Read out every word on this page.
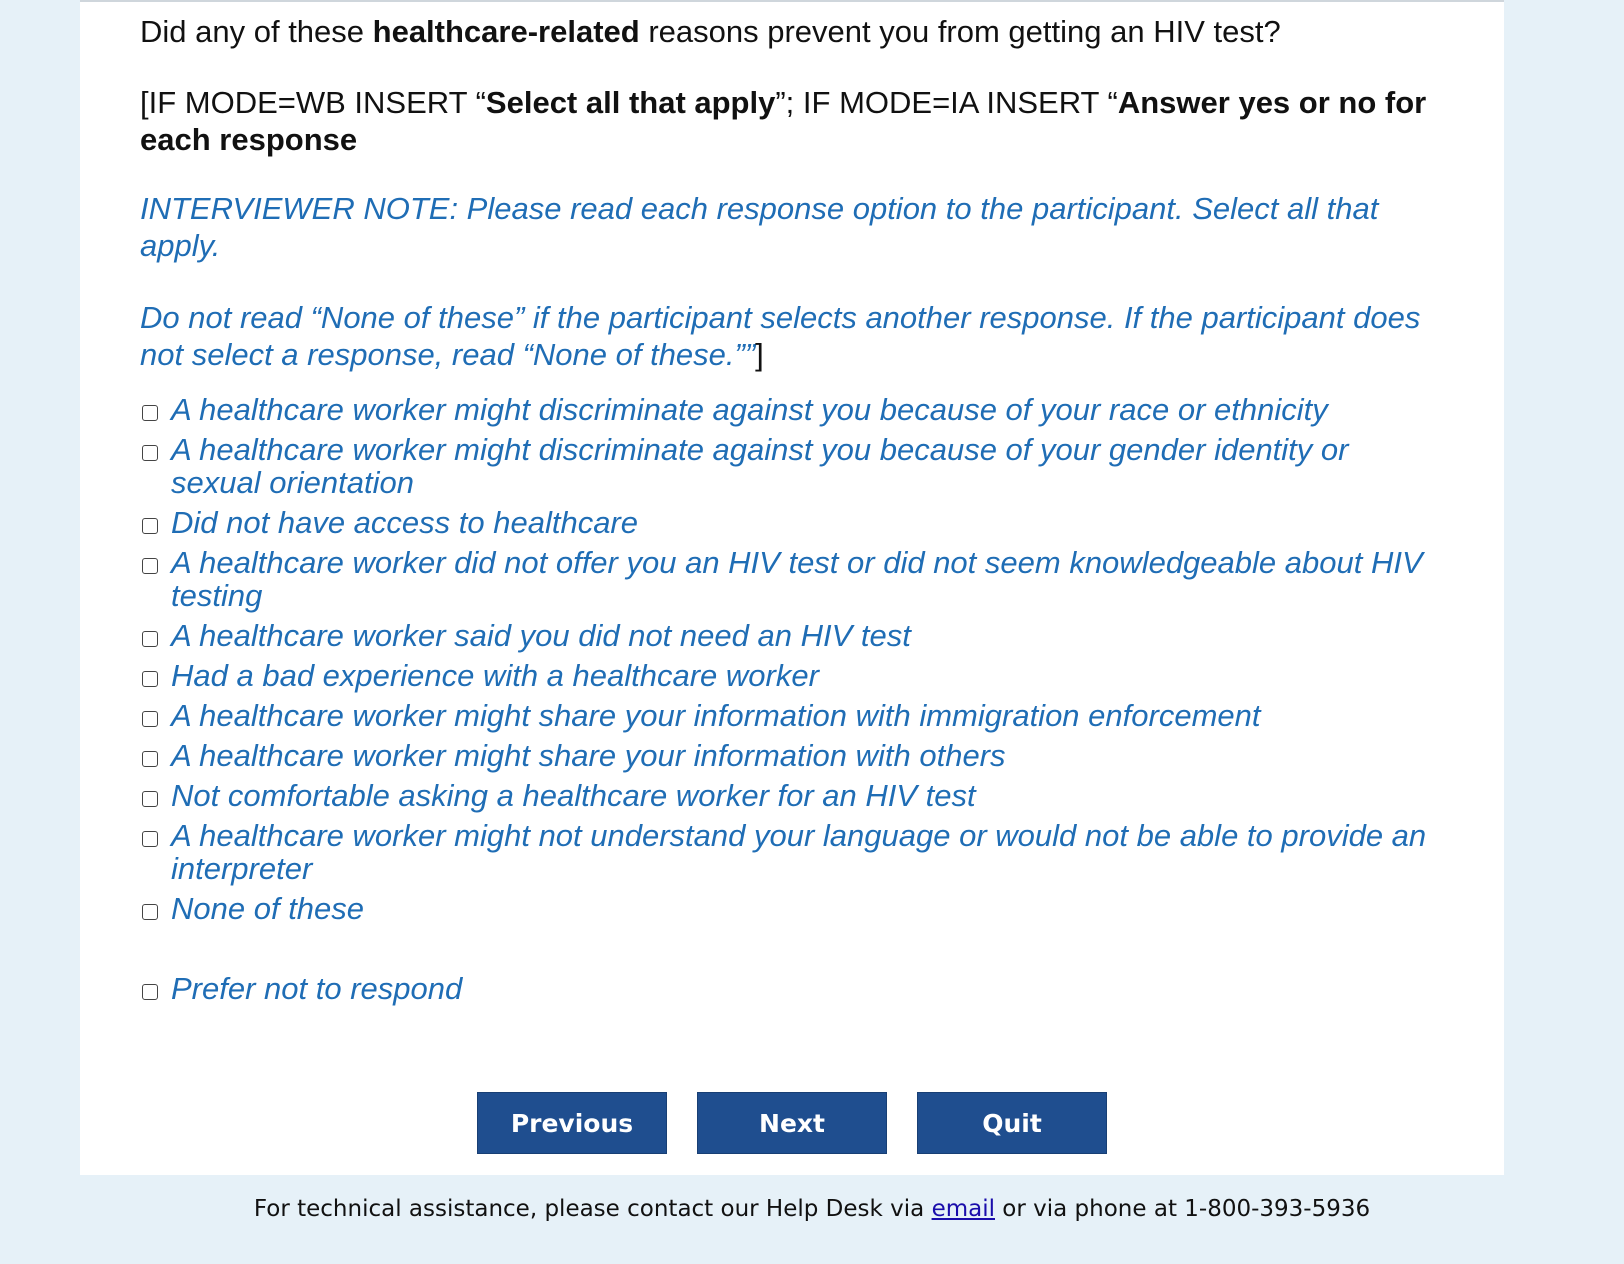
Did any of these healthcare-related reasons prevent you from getting an HIV test?
[IF MODE=WB INSERT “Select all that apply”; IF MODE=IA INSERT “Answer yes or no for each response
INTERVIEWER NOTE: Please read each response option to the participant. Select all that apply.
Do not read “None of these” if the participant selects another response. If the participant does not select a response, read “None of these.””]
A healthcare worker might discriminate against you because of your race or ethnicity
A healthcare worker might discriminate against you because of your gender identity or sexual orientation
Did not have access to healthcare
A healthcare worker did not offer you an HIV test or did not seem knowledgeable about HIV testing
A healthcare worker said you did not need an HIV test
Had a bad experience with a healthcare worker
A healthcare worker might share your information with immigration enforcement
A healthcare worker might share your information with others
Not comfortable asking a healthcare worker for an HIV test
A healthcare worker might not understand your language or would not be able to provide an interpreter
None of these
Prefer not to respond
Previous	Next	Quit
For technical assistance, please contact our Help Desk via email or via phone at 1-800-393-5936
